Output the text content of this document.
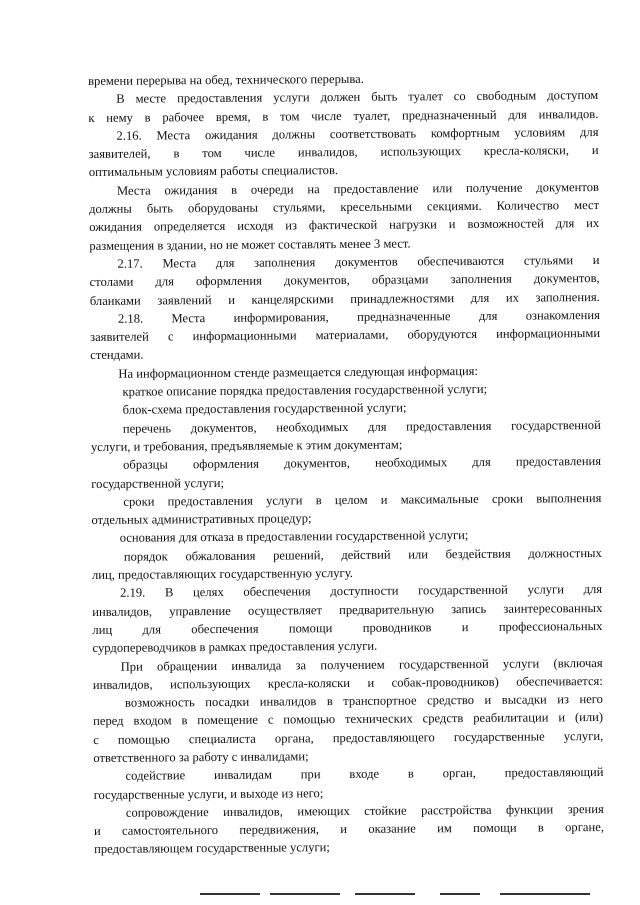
времени перерыва на обед, технического перерыва.
В месте предоставления услуги должен быть туалет со свободным доступом
к нему в рабочее время, в том числе туалет, предназначенный для инвалидов.
2.16. Места ожидания должны соответствовать комфортным условиям для
заявителей, в том числе инвалидов, использующих кресла-коляски, и
оптимальным условиям работы специалистов.
Места ожидания в очереди на предоставление или получение документов
должны быть оборудованы стульями, кресельными секциями. Количество мест
ожидания определяется исходя из фактической нагрузки и возможностей для их
размещения в здании, но не может составлять менее 3 мест.
2.17. Места для заполнения документов обеспечиваются стульями и
столами для оформления документов, образцами заполнения документов,
бланками заявлений и канцелярскими принадлежностями для их заполнения.
2.18. Места информирования, предназначенные для ознакомления
заявителей с информационными материалами, оборудуются информационными
стендами.
На информационном стенде размещается следующая информация:
краткое описание порядка предоставления государственной услуги;
блок-схема предоставления государственной услуги;
перечень документов, необходимых для предоставления государственной
услуги, и требования, предъявляемые к этим документам;
образцы оформления документов, необходимых для предоставления
государственной услуги;
сроки предоставления услуги в целом и максимальные сроки выполнения
отдельных административных процедур;
основания для отказа в предоставлении государственной услуги;
порядок обжалования решений, действий или бездействия должностных
лиц, предоставляющих государственную услугу.
2.19. В целях обеспечения доступности государственной услуги для
инвалидов, управление осуществляет предварительную запись заинтересованных
лиц для обеспечения помощи проводников и профессиональных
сурдопереводчиков в рамках предоставления услуги.
При обращении инвалида за получением государственной услуги (включая
инвалидов, использующих кресла-коляски и собак-проводников) обеспечивается:
возможность посадки инвалидов в транспортное средство и высадки из него
перед входом в помещение с помощью технических средств реабилитации и (или)
с помощью специалиста органа, предоставляющего государственные услуги,
ответственного за работу с инвалидами;
содействие инвалидам при входе в орган, предоставляющий
государственные услуги, и выходе из него;
сопровождение инвалидов, имеющих стойкие расстройства функции зрения
и самостоятельного передвижения, и оказание им помощи в органе,
предоставляющем государственные услуги;
